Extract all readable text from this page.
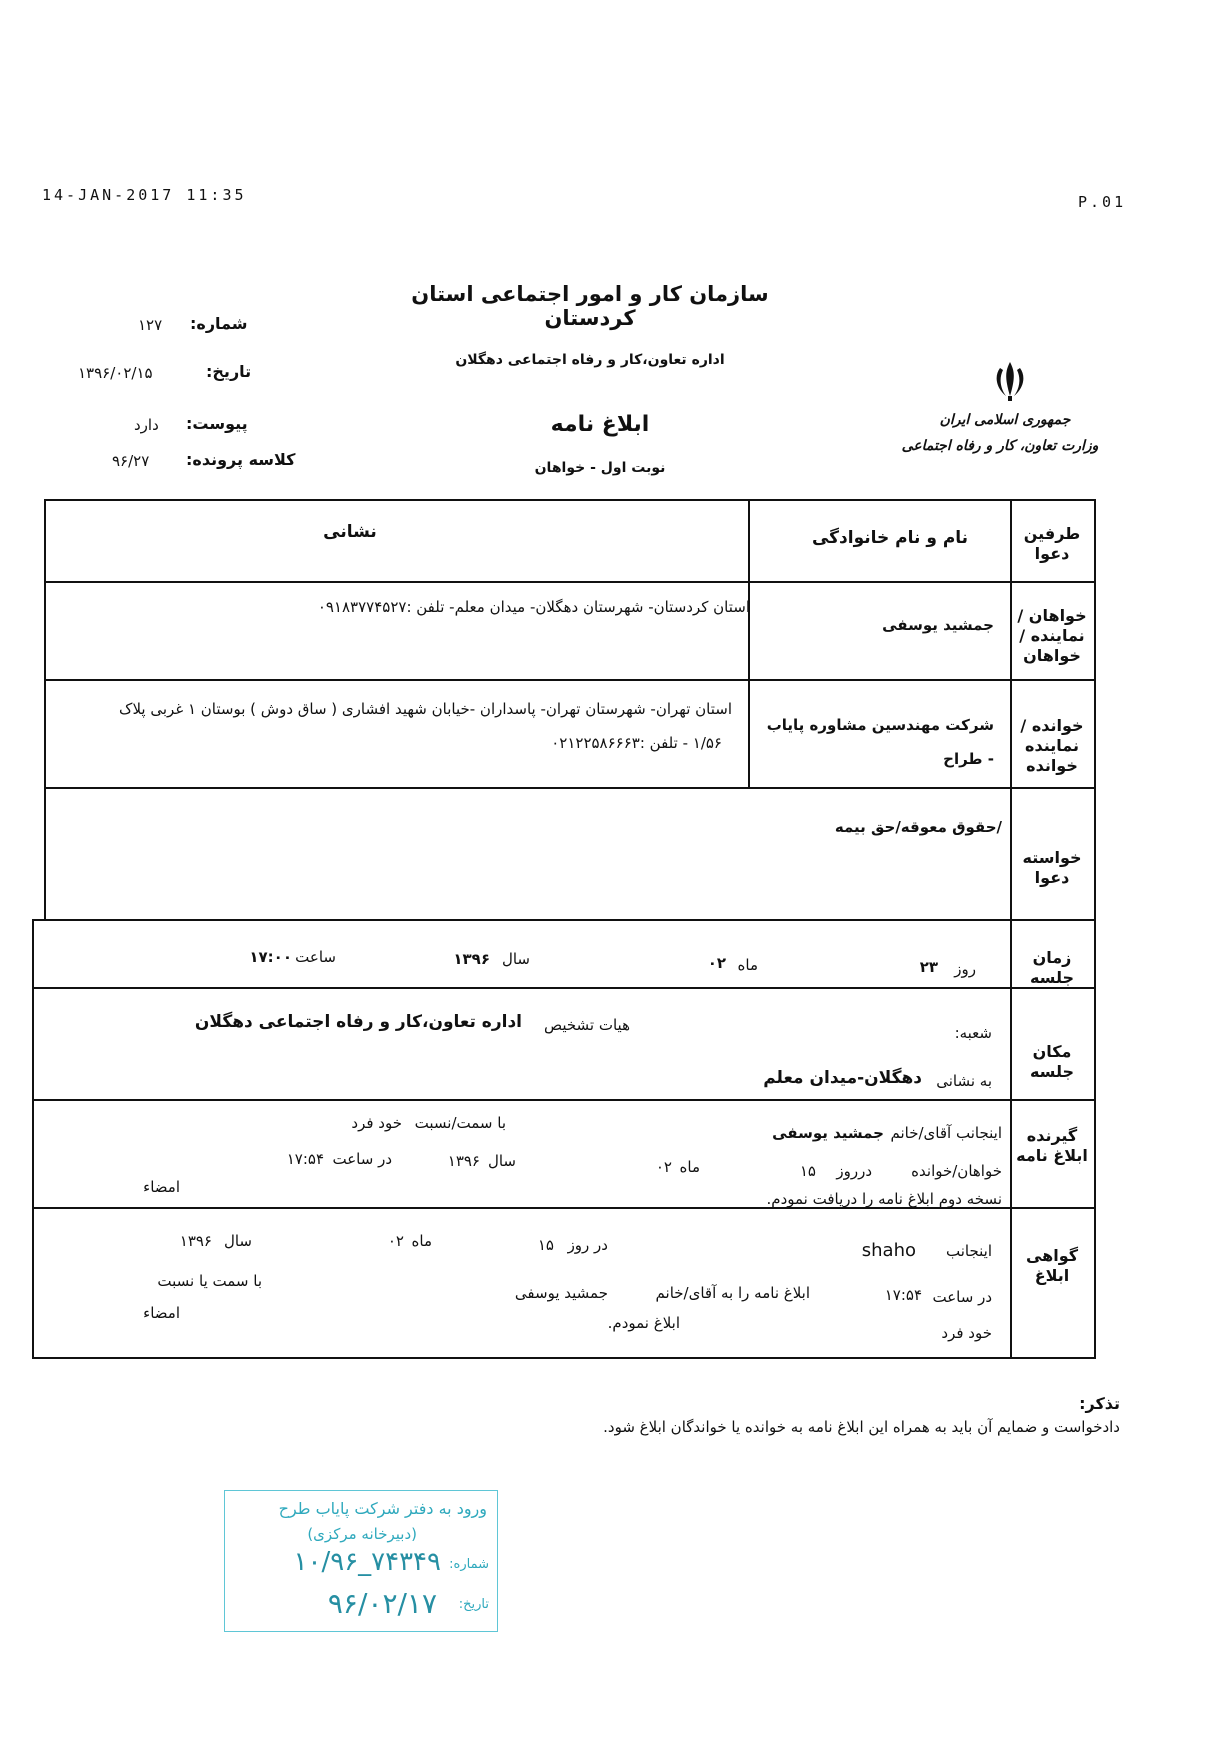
14-JAN-2017 11:35	P.01
سازمان کار و امور اجتماعی استان کردستان
اداره تعاون،کار و رفاه اجتماعی دهگلان
ابلاغ نامه
نوبت اول - خواهان
جمهوری اسلامی ایران
وزارت تعاون، کار و رفاه اجتماعی
شماره:
۱۲۷
تاریخ:
۱۳۹۶/۰۲/۱۵
پیوست:
دارد
کلاسه پرونده:
۹۶/۲۷
طرفین دعوا
نام و نام خانوادگی
نشانی
خواهان / نماینده / خواهان
جمشید یوسفی
استان کردستان- شهرستان دهگلان- میدان معلم- تلفن :۰۹۱۸۳۷۷۴۵۲۷
خوانده / نماینده خوانده
شرکت مهندسین مشاوره پایاب
- طراح
استان تهران- شهرستان تهران- پاسداران -خیابان شهید افشاری ( ساق دوش ) بوستان ۱ غربی پلاک
۱/۵۶ - تلفن :۰۲۱۲۲۵۸۶۶۶۳
خواسته دعوا
/حقوق معوقه/حق بیمه
زمان جلسه
روز
۲۳
ماه
۰۲
سال
۱۳۹۶
ساعت
۱۷:۰۰
مکان جلسه
شعبه:
هیات تشخیص
اداره تعاون،کار و رفاه اجتماعی دهگلان
به نشانی
دهگلان-میدان معلم
گیرنده ابلاغ نامه
اینجانب آقای/خانم
جمشید یوسفی
با سمت/نسبت
خود فرد
خواهان/خوانده
درروز
۱۵
ماه
۰۲
سال
۱۳۹۶
در ساعت
۱۷:۵۴
نسخه دوم ابلاغ نامه را دریافت نمودم.
امضاء
گواهی ابلاغ
اینجانب
shaho
در روز
۱۵
ماه
۰۲
سال
۱۳۹۶
در ساعت
۱۷:۵۴
ابلاغ نامه را به آقای/خانم
جمشید یوسفی
با سمت یا نسبت
خود فرد
ابلاغ نمودم.
امضاء
تذکر:
دادخواست و ضمایم آن باید به همراه این ابلاغ نامه به خوانده یا خواندگان ابلاغ شود.
ورود به دفتر شرکت پایاب طرح
(دبیرخانه مرکزی)
شماره:
۱۰/۹۶_۷۴۳۴۹
تاریخ:
۹۶/۰۲/۱۷
